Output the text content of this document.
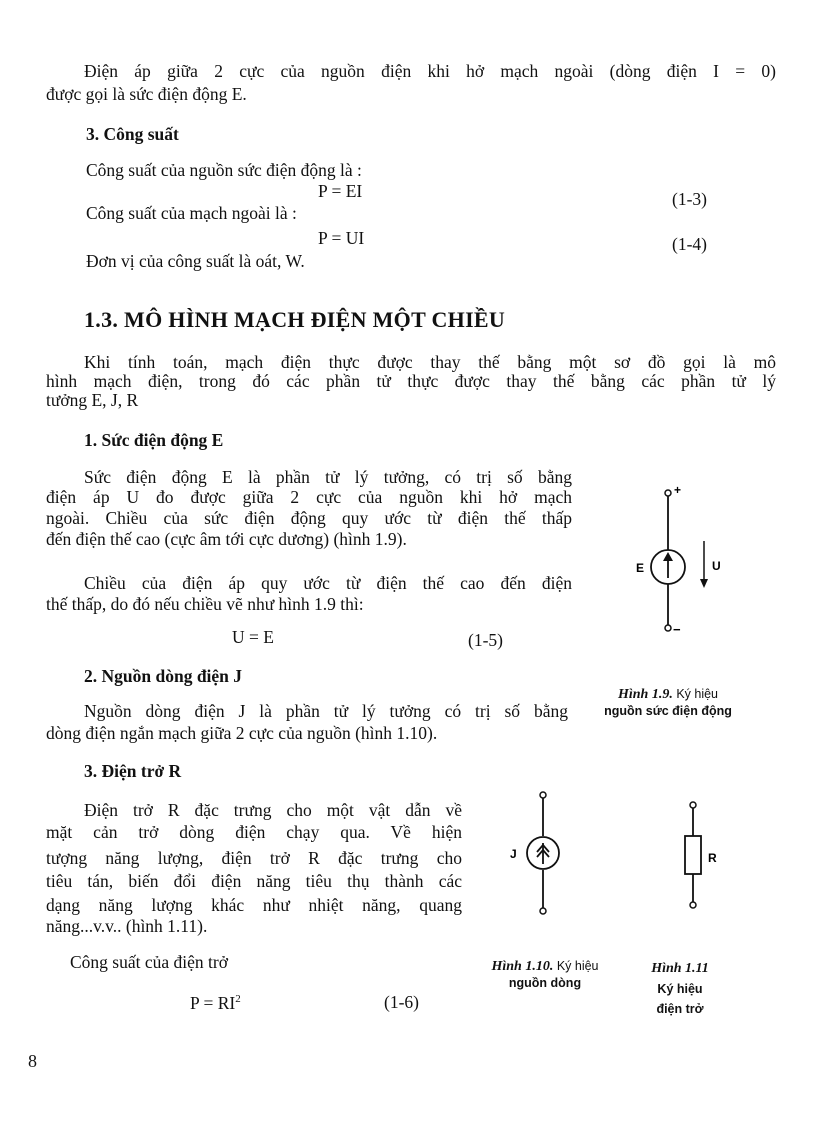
Điện áp giữa 2 cực của nguồn điện khi hở mạch ngoài (dòng điện I = 0)
được gọi là sức điện động E.
3. Công suất
Công suất của nguồn sức điện động là :
P = EI	(1-3)
Công suất của mạch ngoài là :
P = UI	(1-4)
Đơn vị của công suất là oát, W.
1.3. MÔ HÌNH MẠCH ĐIỆN MỘT CHIỀU
Khi tính toán, mạch điện thực được thay thế bằng một sơ đồ gọi là mô
hình mạch điện, trong đó các phần tử thực được thay thế bằng các phần tử lý
tưởng E, J, R
1. Sức điện động E
Sức điện động E là phần tử lý tưởng, có trị số bằng
điện áp U đo được giữa 2 cực của nguồn khi hở mạch
ngoài. Chiều của sức điện động quy ước từ điện thế thấp
đến điện thế cao (cực âm tới cực dương) (hình 1.9).
Chiều của điện áp quy ước từ điện thế cao đến điện
thế thấp, do đó nếu chiều vẽ như hình 1.9 thì:
U = E	(1-5)
2. Nguồn dòng điện J
Nguồn dòng điện J là phần tử lý tưởng có trị số bằng
dòng điện ngắn mạch giữa 2 cực của nguồn (hình 1.10).
3. Điện trở R
Điện trở R đặc trưng cho một vật dẫn về
mặt cản trở dòng điện chạy qua. Về hiện
tượng năng lượng, điện trở R đặc trưng cho
tiêu tán, biến đổi điện năng tiêu thụ thành các
dạng năng lượng khác như nhiệt năng, quang
năng...v.v.. (hình 1.11).
Công suất của điện trở
$P = RI^2$	(1-6)
+
−
E	U
Hình 1.9. Ký hiệu
nguồn sức điện động
J
Hình 1.10. Ký hiệu
nguồn dòng
R
Hình 1.11
Ký hiệu
điện trở
8
